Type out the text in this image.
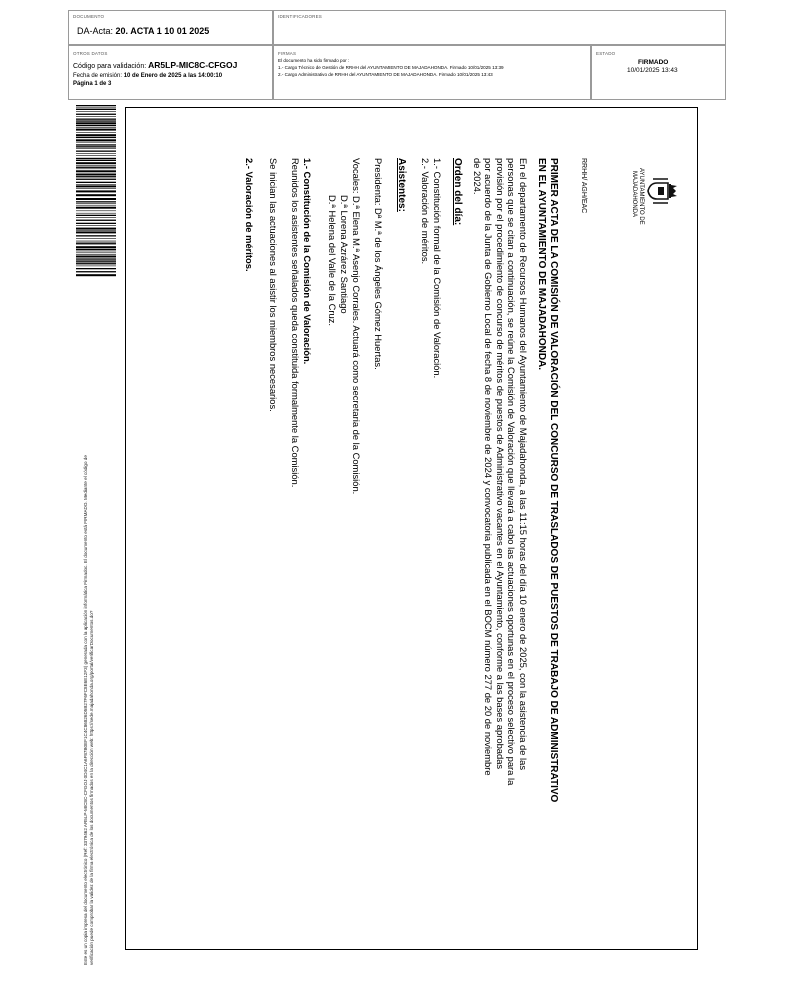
DOCUMENTO
DA-Acta: 20. ACTA 1 10 01 2025
IDENTIFICADORES
OTROS DATOS
Código para validación: AR5LP-MIC8C-CFGOJ
Fecha de emisión: 10 de Enero de 2025 a las 14:00:10
Página 1 de 3
FIRMAS
El documento ha sido firmado por :
1.- Cargo Técnico de Gestión de RRHH del AYUNTAMIENTO DE MAJADAHONDA. Firmado 10/01/2025 13:39
2.- Cargo Administrativo de RRHH del AYUNTAMIENTO DE MAJADAHONDA. Firmado 10/01/2025 13:43
ESTADO
FIRMADO
10/01/2025 13:43
Este es un copia impresa del documento electrónico (Ref: 3379462 AR5LP-MIC8C-CFGOJ 0D4C1A6F87B0EF1C4C86826D5B27F6FC8E6E12F3) generada con la aplicación informática Firmadoc. El documento está FIRMADO. Mediante el código de verificación puede comprobar la validez de la firma electrónica de los documentos firmados en la dirección web: https://sede.majadahonda.org/portal/verificarDocumentos.do?
AYUNTAMIENTO DE
MAJADAHONDA
RRHH/ AGH/EAC
PRIMER ACTA DE LA COMISIÓN DE VALORACIÓN DEL CONCURSO DE TRASLADOS DE PUESTOS DE TRABAJO DE ADMINISTRATIVO
EN EL AYUNTAMIENTO DE MAJADAHONDA.
En el departamento de Recursos Humanos del Ayuntamiento de Majadahonda, a las 11:15 horas del día 10 enero de 2025, con la asistencia de las
personas que se citan a continuación, se reúne la Comisión de Valoración que llevará a cabo las actuaciones oportunas en el proceso selectivo para la
provisión por el procedimiento de concurso de méritos de puestos de Administrativo vacantes en el Ayuntamiento, conforme a las bases aprobadas
por acuerdo de la Junta de Gobierno Local de fecha 8 de noviembre de 2024 y convocatoria publicada en el BOCM número 277 de 20 de noviembre
de 2024.
Orden del día:
1.- Constitución formal de la Comisión de Valoración.
2.- Valoración de méritos.
Asistentes:
Presidenta: Dª M.ª de los Ángeles Gómez Huertas.
Vocales: D.ª Elena M.ª Asenjo Corrales. Actuará como secretaria de la Comisión.
D.ª Lorena Azrárez Santiago
D.ª Helena del Valle de la Cruz.
1.- Constitución de la Comisión de Valoración.
Reunidos los asistentes señalados queda constituida formalmente la Comisión.
Se inician las actuaciones al asistir los miembros necesarios.
2.- Valoración de méritos.
